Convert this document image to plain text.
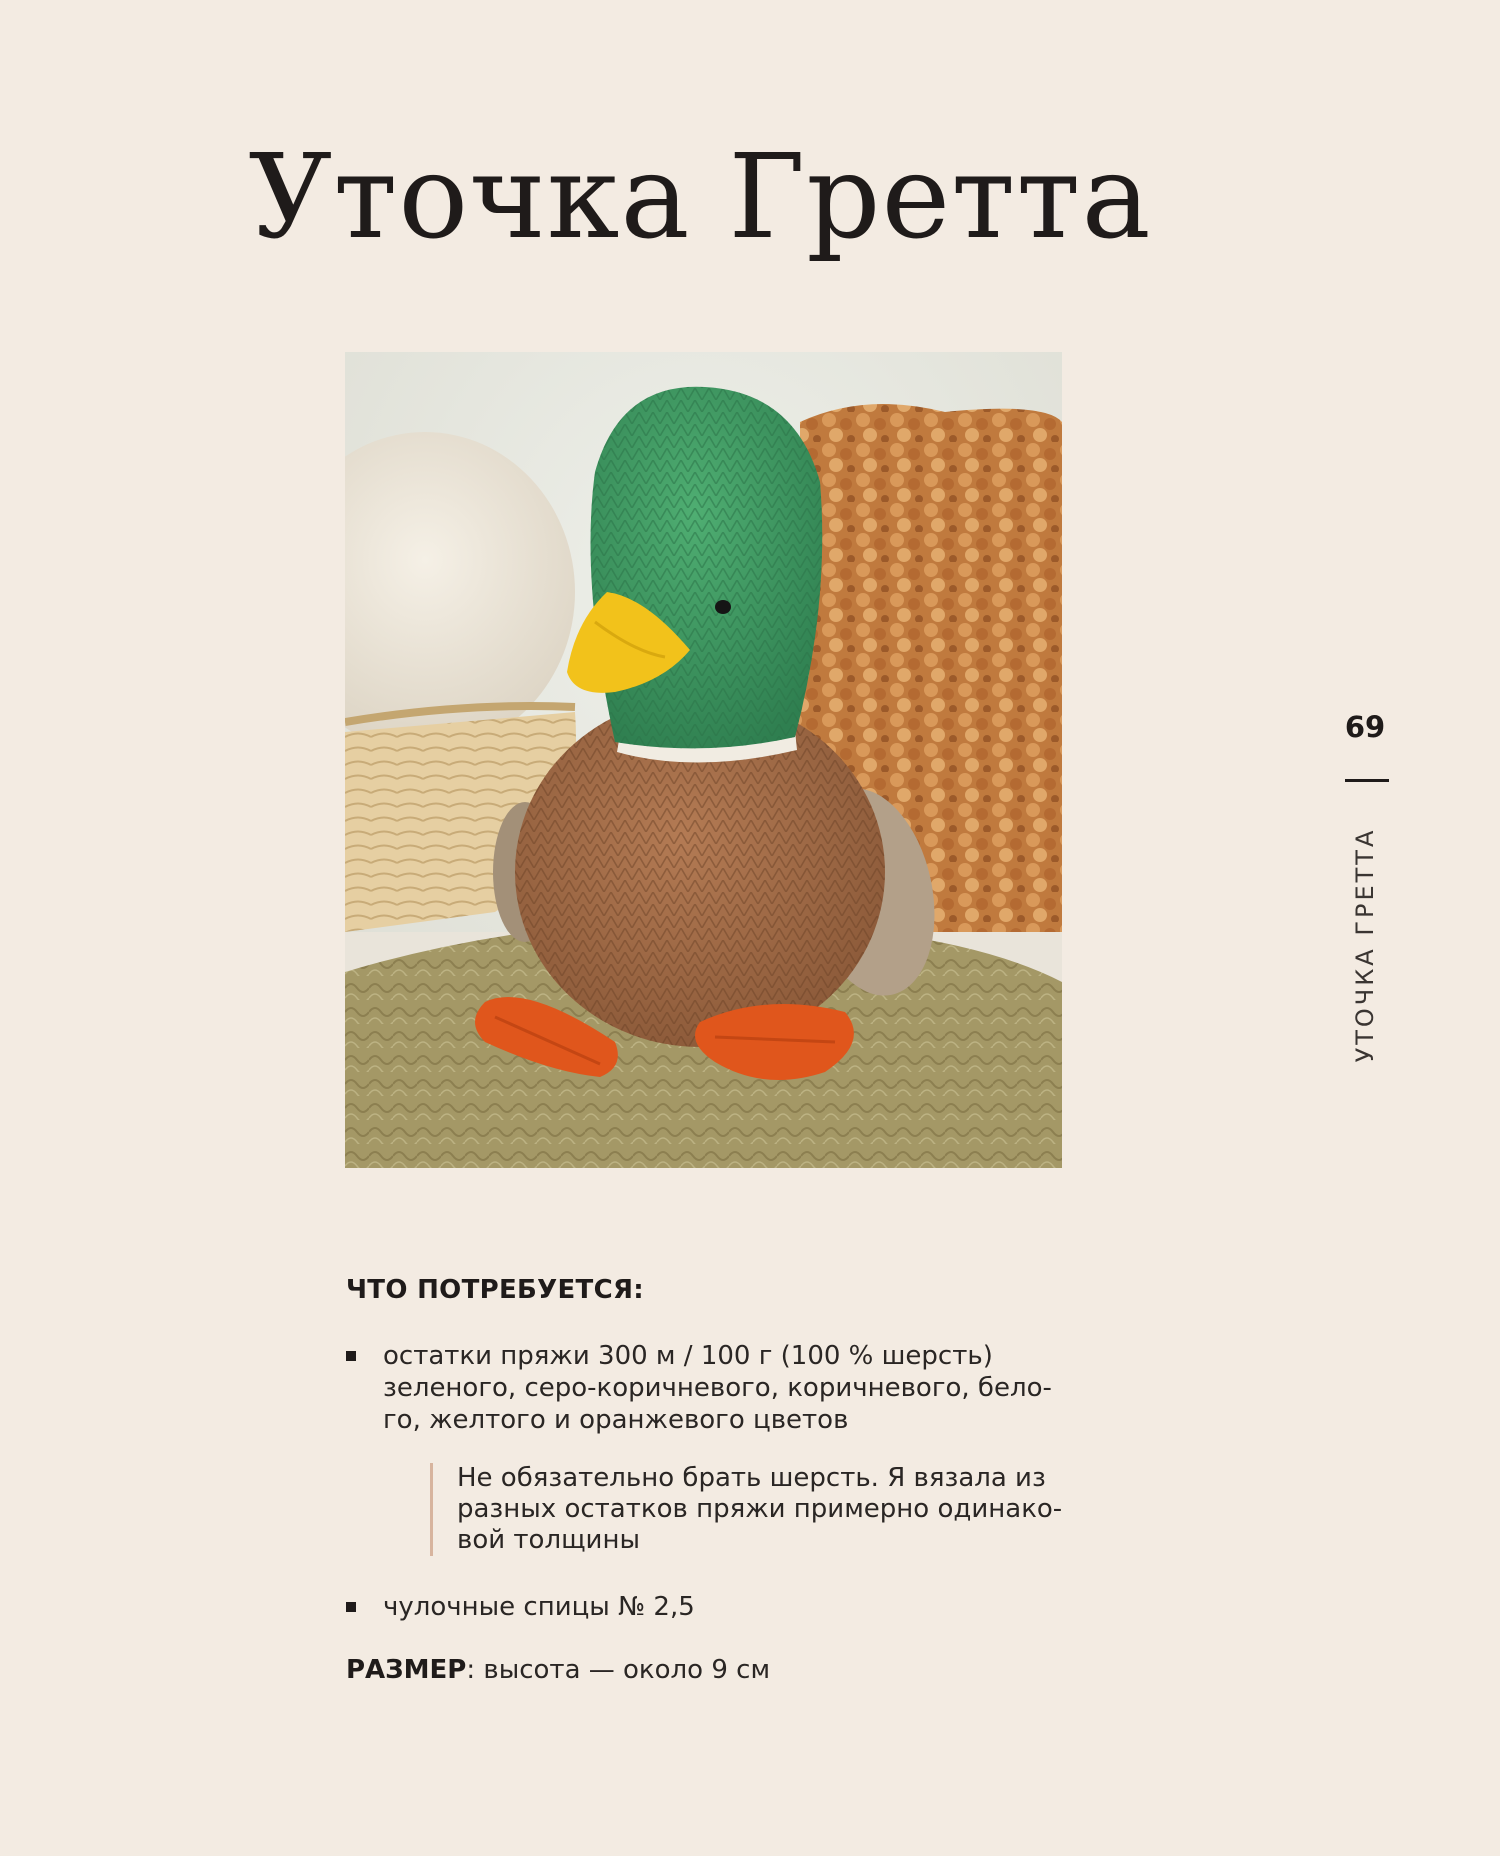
Уточка Гретта
69
УТОЧКА ГРЕТТА
ЧТО ПОТРЕБУЕТСЯ:
остатки пряжи 300 м / 100 г (100 % шерсть)
зеленого, серо-коричневого, коричневого, бело-
го, желтого и оранжевого цветов
Не обязательно брать шерсть. Я вязала из
разных остатков пряжи примерно одинако-
вой толщины
чулочные спицы № 2,5
РАЗМЕР: высота — около 9 см
